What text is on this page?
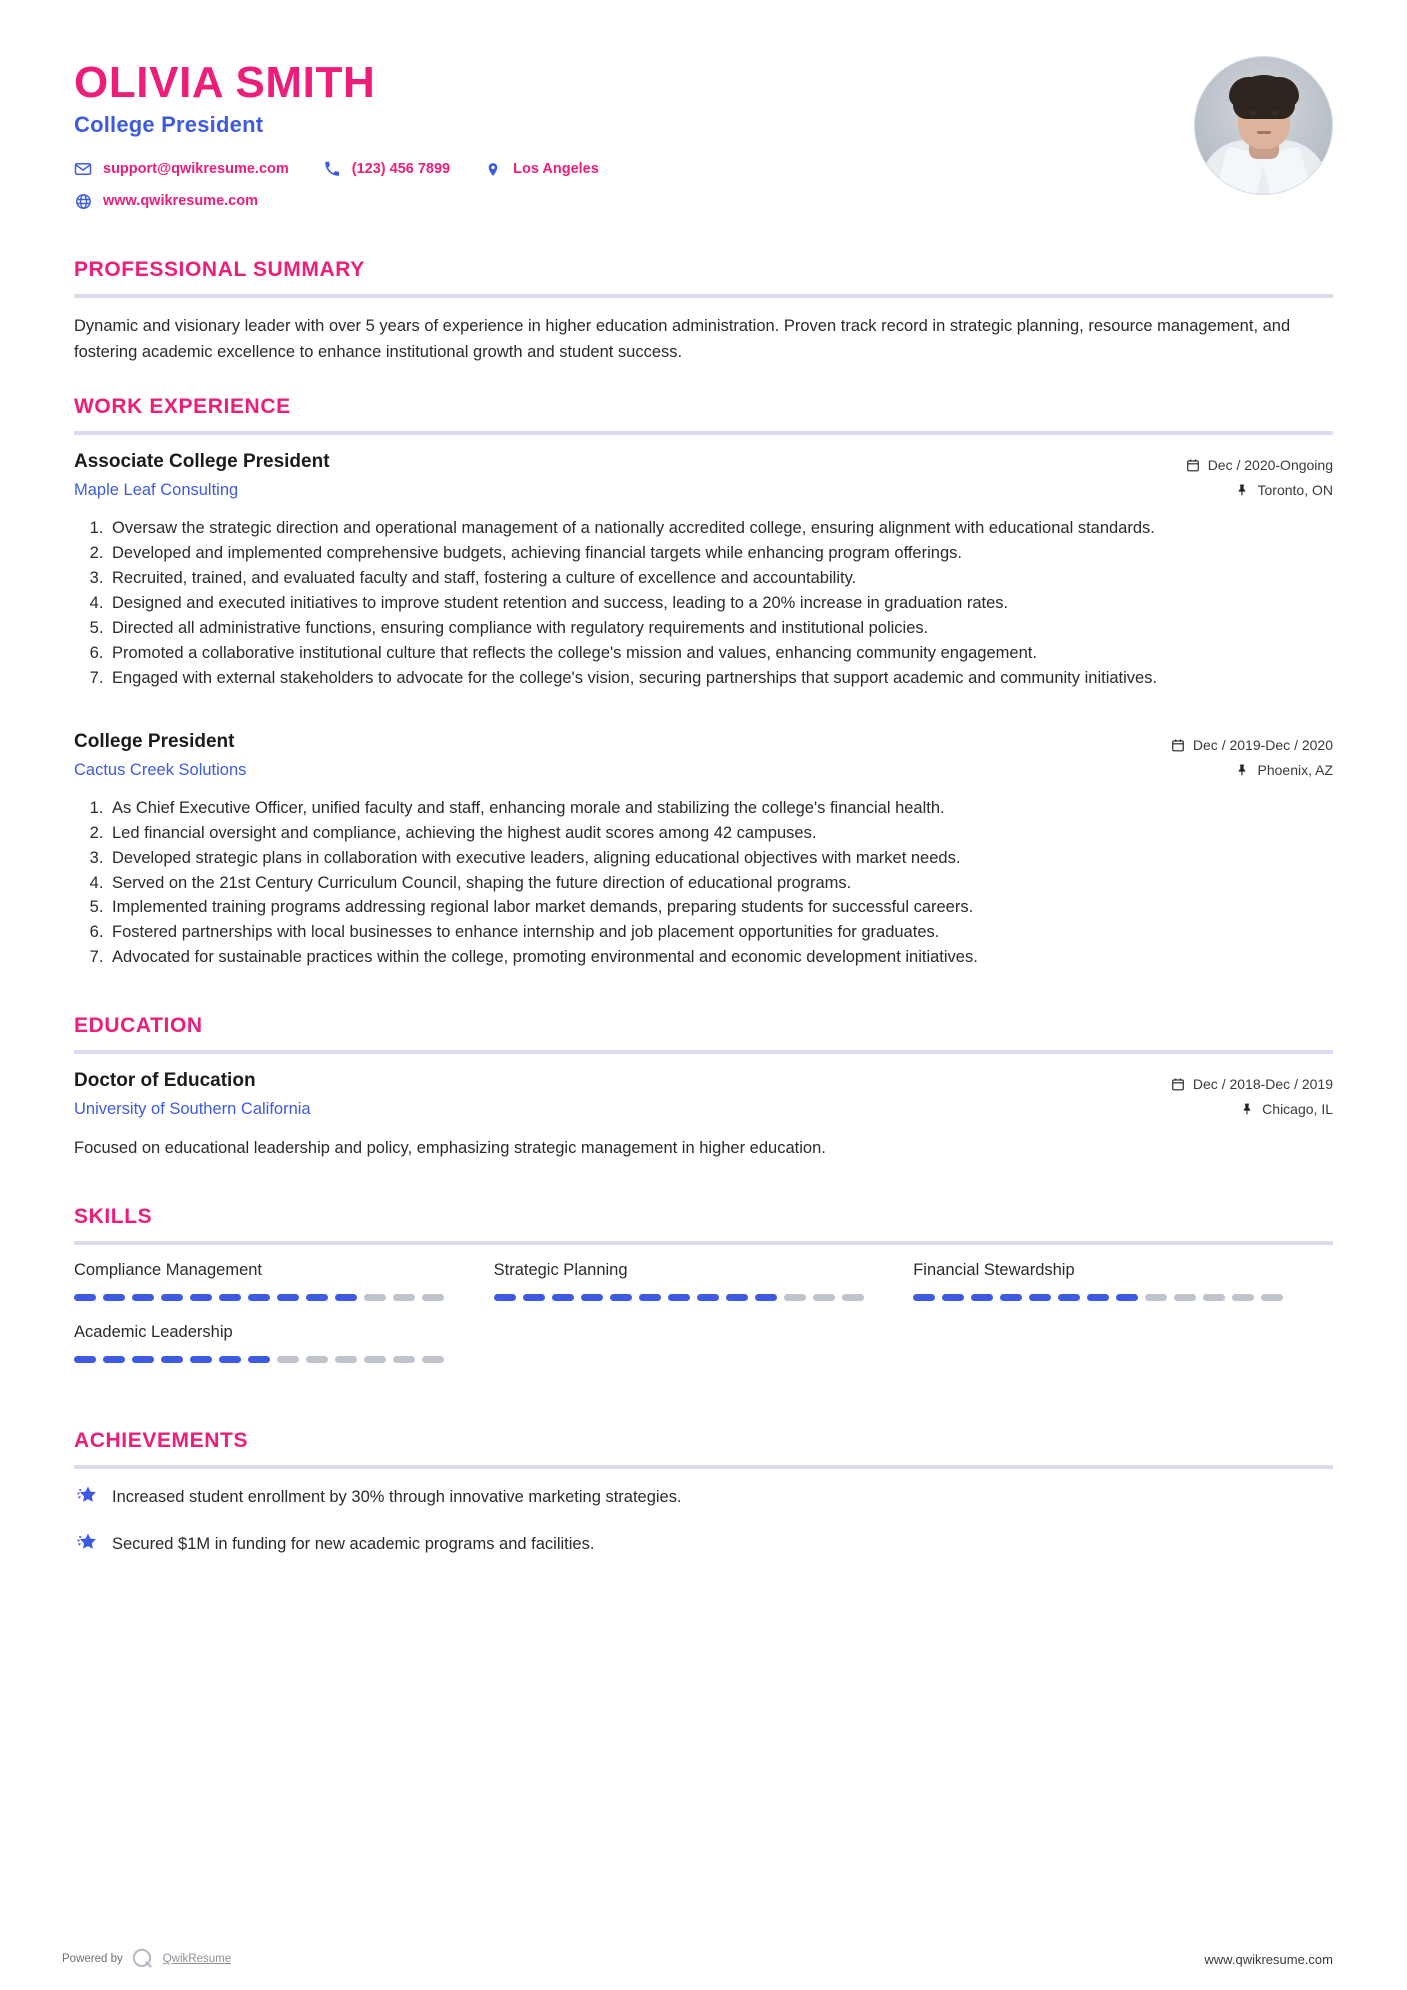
OLIVIA SMITH
College President
support@qwikresume.com	(123) 456 7899	Los Angeles
www.qwikresume.com
PROFESSIONAL SUMMARY

Dynamic and visionary leader with over 5 years of experience in higher education administration. Proven track record in strategic planning, resource management, and fostering academic excellence to enhance institutional growth and student success.

WORK EXPERIENCE
Associate College President
Maple Leaf Consulting
Dec / 2020-Ongoing
Toronto, ON
1. Oversaw the strategic direction and operational management of a nationally accredited college, ensuring alignment with educational standards.
2. Developed and implemented comprehensive budgets, achieving financial targets while enhancing program offerings.
3. Recruited, trained, and evaluated faculty and staff, fostering a culture of excellence and accountability.
4. Designed and executed initiatives to improve student retention and success, leading to a 20% increase in graduation rates.
5. Directed all administrative functions, ensuring compliance with regulatory requirements and institutional policies.
6. Promoted a collaborative institutional culture that reflects the college's mission and values, enhancing community engagement.
7. Engaged with external stakeholders to advocate for the college's vision, securing partnerships that support academic and community initiatives.
College President
Cactus Creek Solutions
Dec / 2019-Dec / 2020
Phoenix, AZ
1. As Chief Executive Officer, unified faculty and staff, enhancing morale and stabilizing the college's financial health.
2. Led financial oversight and compliance, achieving the highest audit scores among 42 campuses.
3. Developed strategic plans in collaboration with executive leaders, aligning educational objectives with market needs.
4. Served on the 21st Century Curriculum Council, shaping the future direction of educational programs.
5. Implemented training programs addressing regional labor market demands, preparing students for successful careers.
6. Fostered partnerships with local businesses to enhance internship and job placement opportunities for graduates.
7. Advocated for sustainable practices within the college, promoting environmental and economic development initiatives.
EDUCATION
Doctor of Education
University of Southern California
Dec / 2018-Dec / 2019
Chicago, IL

Focused on educational leadership and policy, emphasizing strategic management in higher education.

SKILLS
Compliance Management	Strategic Planning	Financial Stewardship
Academic Leadership
ACHIEVEMENTS
Increased student enrollment by 30% through innovative marketing strategies.
Secured $1M in funding for new academic programs and facilities.
Powered by	QwikResume	www.qwikresume.com
